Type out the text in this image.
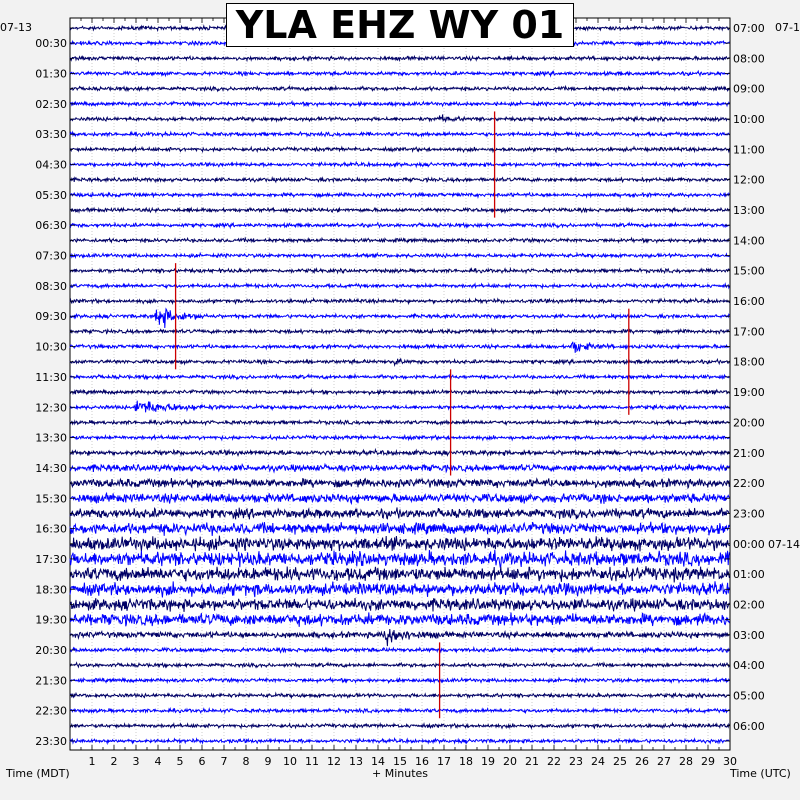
1 2 3 4 5 6 7 8 9 10 11 12 13 14 15 16 17 18 19 20 21 22 23 24 25 26 27 28 29 30
00:30
01:30
02:30
03:30
04:30
05:30
06:30
07:30
08:30
09:30
10:30
11:30
12:30
13:30
14:30
15:30
16:30
17:30
18:30
19:30
20:30
21:30
22:30
23:30
07:00
08:00
09:00
10:00
11:00
12:00
13:00
14:00
15:00
16:00
17:00
18:00
19:00
20:00
21:00
22:00
23:00
00:00
01:00
02:00
03:00
04:00
05:00
06:00
07-13	07-1
07-14
Time (MDT)	+ Minutes	Time (UTC)
YLA EHZ WY 01
